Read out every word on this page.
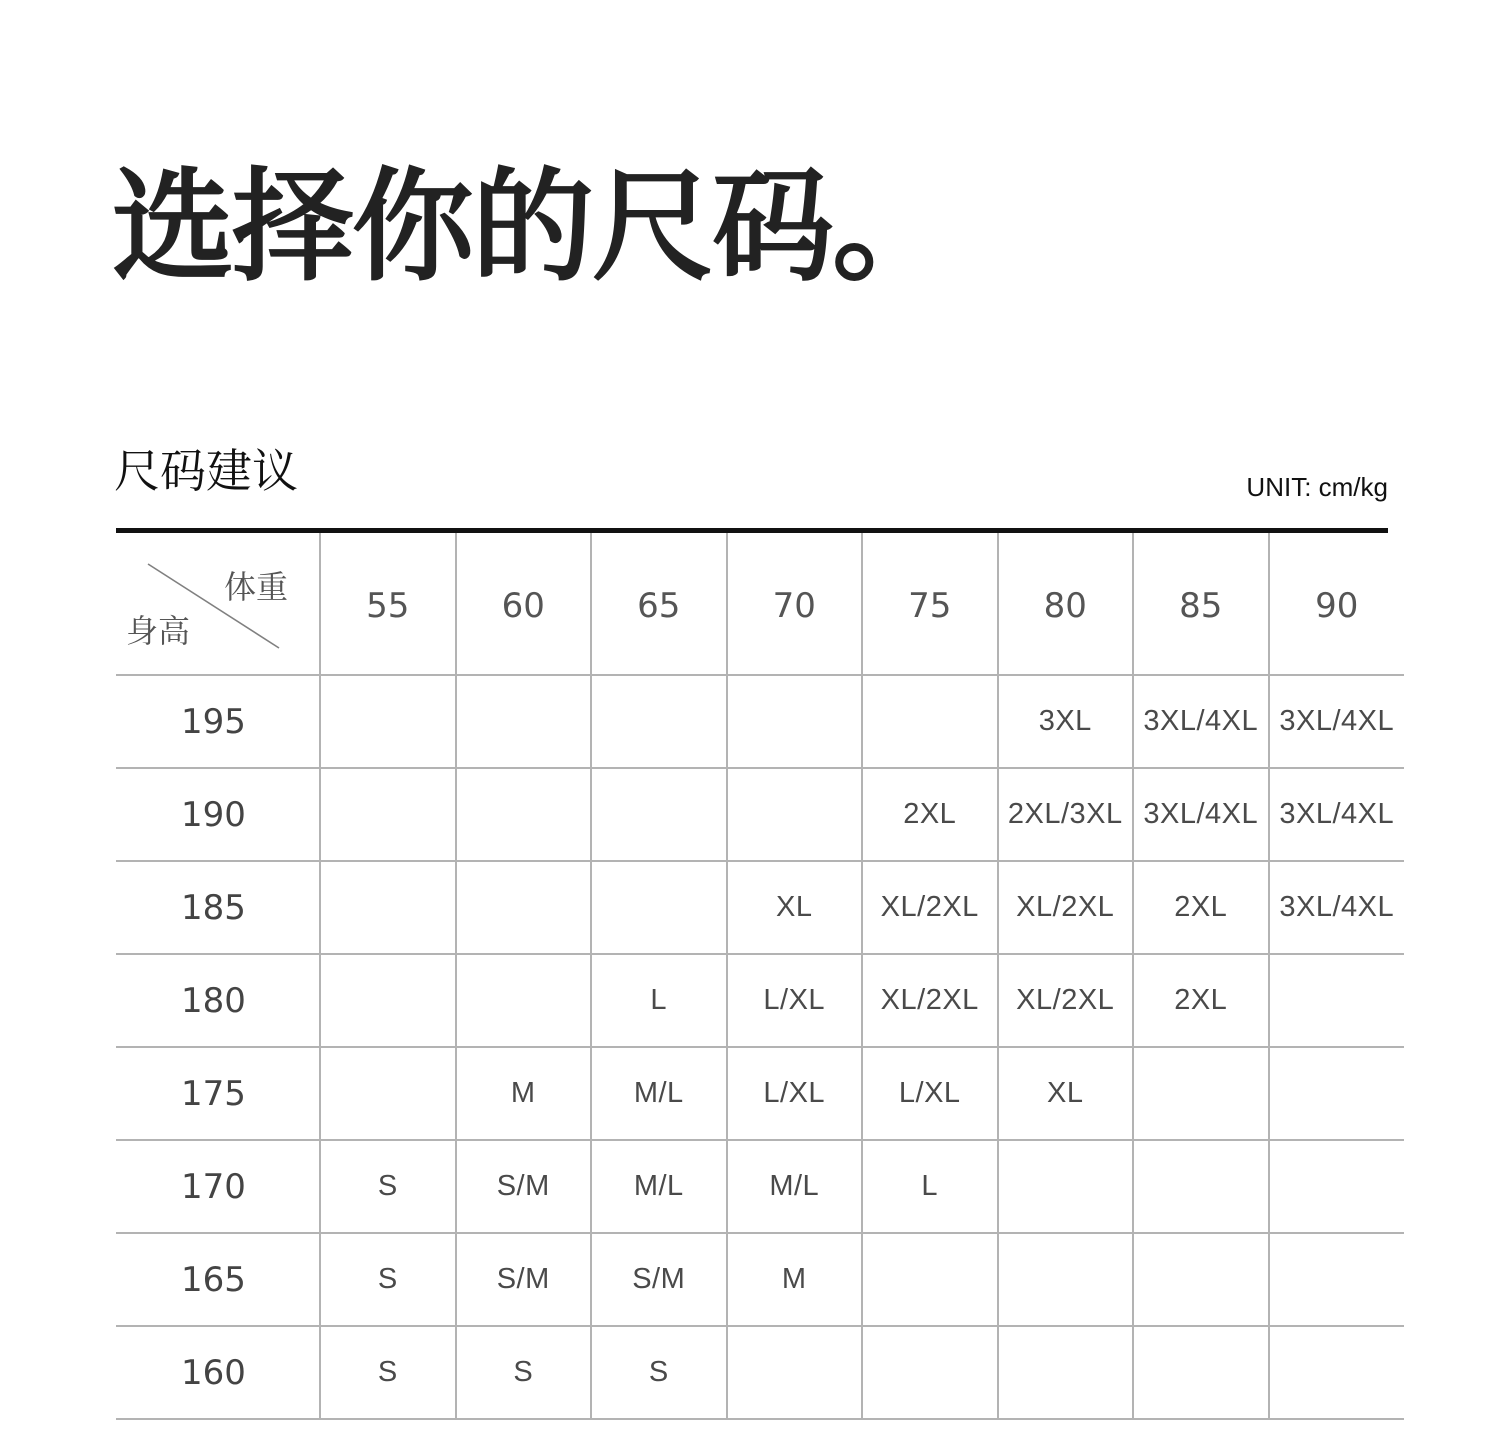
选择你的尺码。
尺码建议	UNIT: cm/kg
体重
身高	55	60	65	70	75	80	85	90
195						3XL	3XL/4XL	3XL/4XL
190					2XL	2XL/3XL	3XL/4XL	3XL/4XL
185				XL	XL/2XL	XL/2XL	2XL	3XL/4XL
180			L	L/XL	XL/2XL	XL/2XL	2XL	
175		M	M/L	L/XL	L/XL	XL		
170	S	S/M	M/L	M/L	L			
165	S	S/M	S/M	M				
160	S	S	S					
